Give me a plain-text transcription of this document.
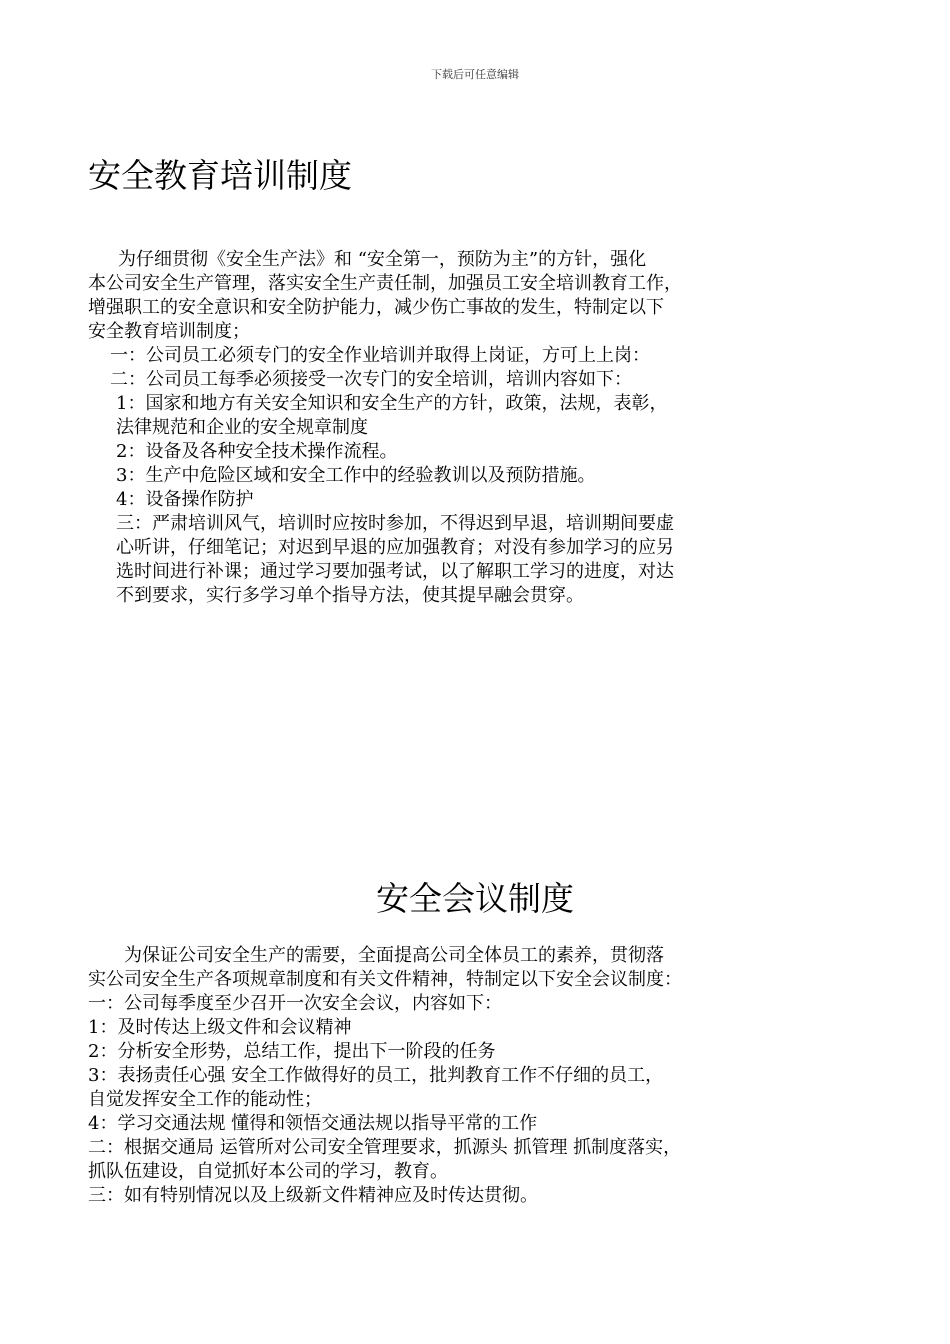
下载后可任意编辑
安全教育培训制度

为仔细贯彻《安全生产法》和 “安全第一，预防为主”的方针，强化

本公司安全生产管理，落实安全生产责任制，加强员工安全培训教育工作，

增强职工的安全意识和安全防护能力，减少伤亡事故的发生，特制定以下

安全教育培训制度；

一：公司员工必须专门的安全作业培训并取得上岗证，方可上上岗：

二：公司员工每季必须接受一次专门的安全培训，培训内容如下：

1：国家和地方有关安全知识和安全生产的方针，政策，法规，表彰，

法律规范和企业的安全规章制度

2：设备及各种安全技术操作流程。

3：生产中危险区域和安全工作中的经验教训以及预防措施。

4：设备操作防护

三：严肃培训风气，培训时应按时参加，不得迟到早退，培训期间要虚

心听讲，仔细笔记；对迟到早退的应加强教育；对没有参加学习的应另

选时间进行补课；通过学习要加强考试，以了解职工学习的进度，对达

不到要求，实行多学习单个指导方法，使其提早融会贯穿。

安全会议制度

为保证公司安全生产的需要，全面提高公司全体员工的素养，贯彻落

实公司安全生产各项规章制度和有关文件精神，特制定以下安全会议制度：

一：公司每季度至少召开一次安全会议，内容如下：

1：及时传达上级文件和会议精神

2：分析安全形势，总结工作，提出下一阶段的任务

3：表扬责任心强 安全工作做得好的员工，批判教育工作不仔细的员工，

自觉发挥安全工作的能动性；

4：学习交通法规 懂得和领悟交通法规以指导平常的工作

二：根据交通局 运管所对公司安全管理要求，抓源头 抓管理 抓制度落实，

抓队伍建设，自觉抓好本公司的学习，教育。

三：如有特别情况以及上级新文件精神应及时传达贯彻。
